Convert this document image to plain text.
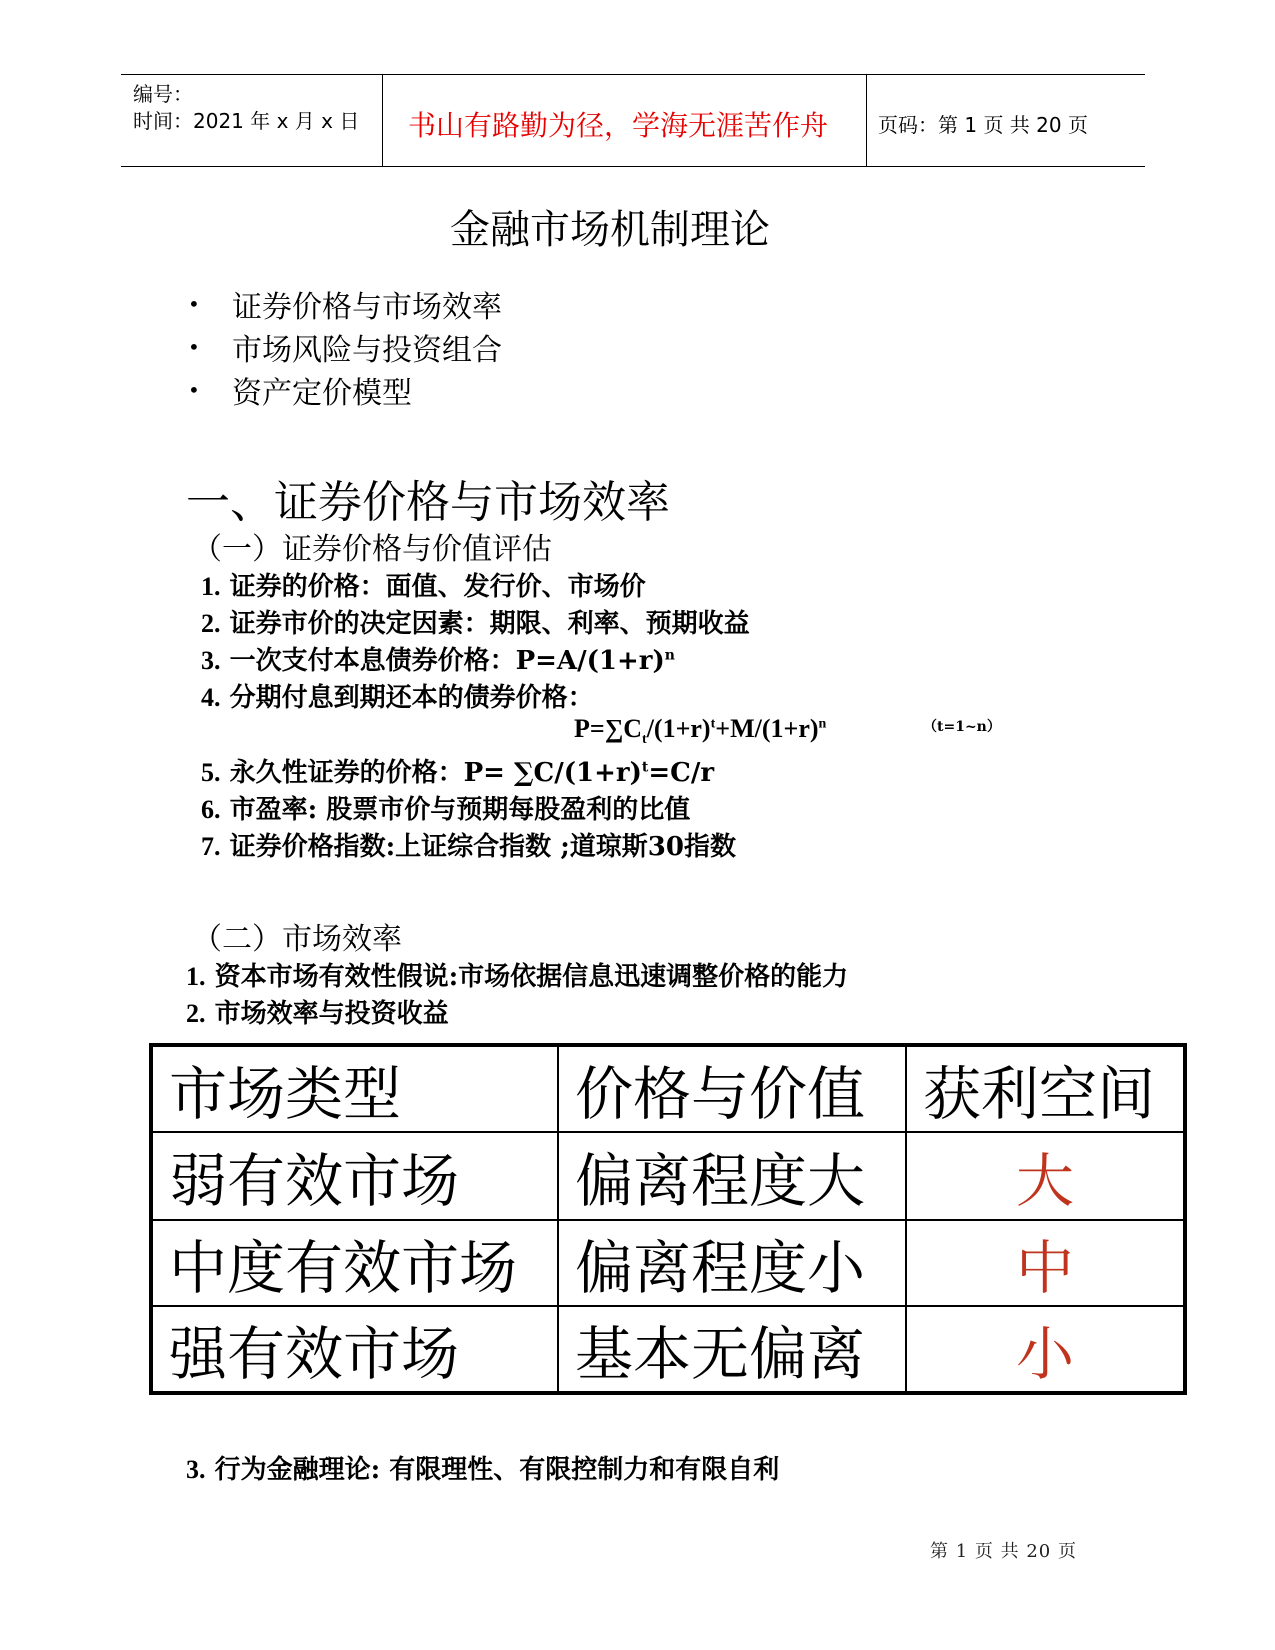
编号：
时间：2021 年 x 月 x 日 书山有路勤为径，学海无涯苦作舟 页码：第 1 页 共 20 页
金融市场机制理论
• 证券价格与市场效率
• 市场风险与投资组合
• 资产定价模型
一、证券价格与市场效率
（一）证券价格与价值评估
1. 证券的价格：面值、发行价、市场价
2. 证券市价的决定因素：期限、利率、预期收益
3. 一次支付本息债券价格：$P=A/(1+r)^n$
4. 分期付息到期还本的债券价格：
$P=\sum C_t/(1+r)^t+M/(1+r)^n$	（t=1~n）
5. 永久性证券的价格：$P= \sum C/(1+r)^t=C/r$
6. 市盈率: 股票市价与预期每股盈利的比值
7. 证券价格指数:上证综合指数 ;道琼斯30指数
（二）市场效率
1. 资本市场有效性假说:市场依据信息迅速调整价格的能力
2. 市场效率与投资收益
市场类型	价格与价值	获利空间
弱有效市场	偏离程度大	大
中度有效市场	偏离程度小	中
强有效市场	基本无偏离	小
3. 行为金融理论: 有限理性、有限控制力和有限自利
第 1 页 共 20 页
